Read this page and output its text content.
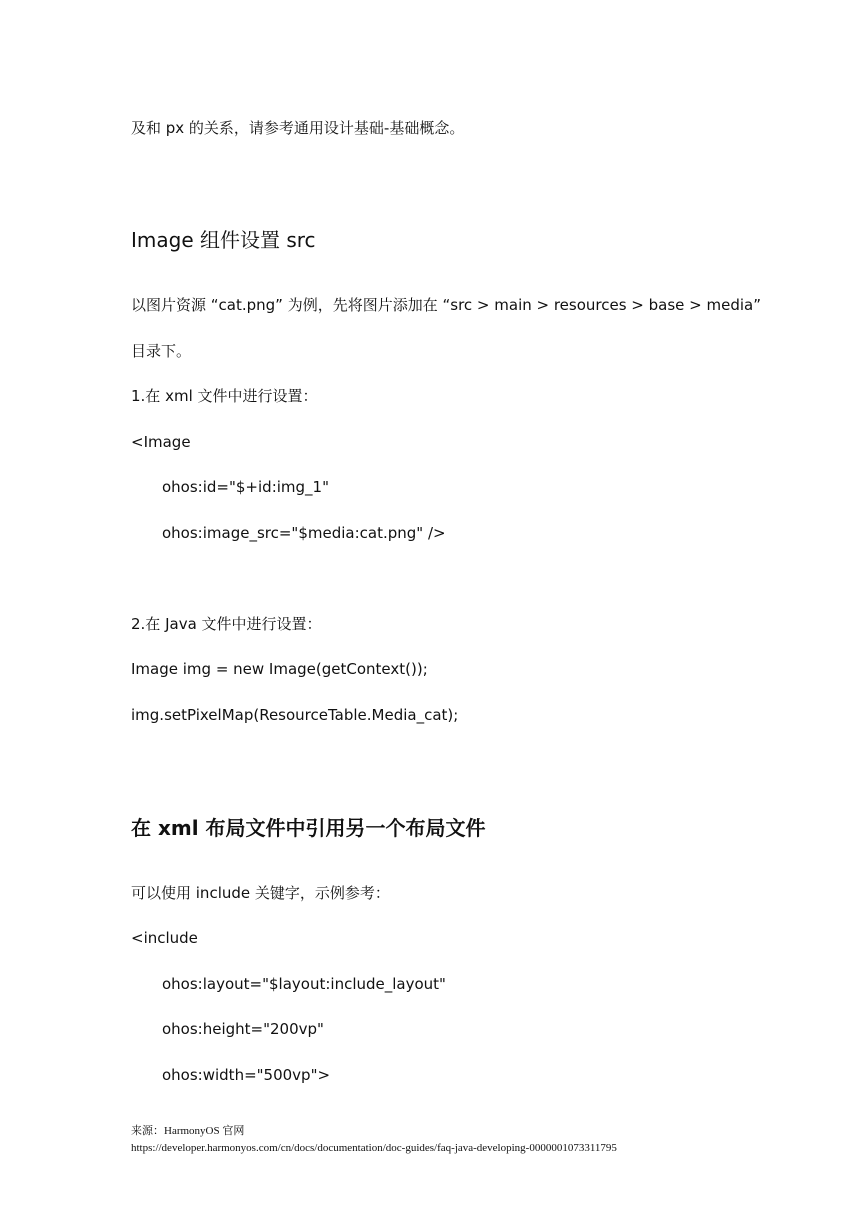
及和 px 的关系，请参考通用设计基础-基础概念。
Image 组件设置 src
以图片资源 “cat.png” 为例，先将图片添加在 “src > main > resources > base > media”
目录下。
1.在 xml 文件中进行设置：
<Image
ohos:id="$+id:img_1"
ohos:image_src="$media:cat.png" />
2.在 Java 文件中进行设置：
Image img = new Image(getContext());
img.setPixelMap(ResourceTable.Media_cat);
在 xml 布局文件中引用另一个布局文件
可以使用 include 关键字，示例参考：
<include
ohos:layout="$layout:include_layout"
ohos:height="200vp"
ohos:width="500vp">
来源：HarmonyOS 官网
https://developer.harmonyos.com/cn/docs/documentation/doc-guides/faq-java-developing-0000001073311795
